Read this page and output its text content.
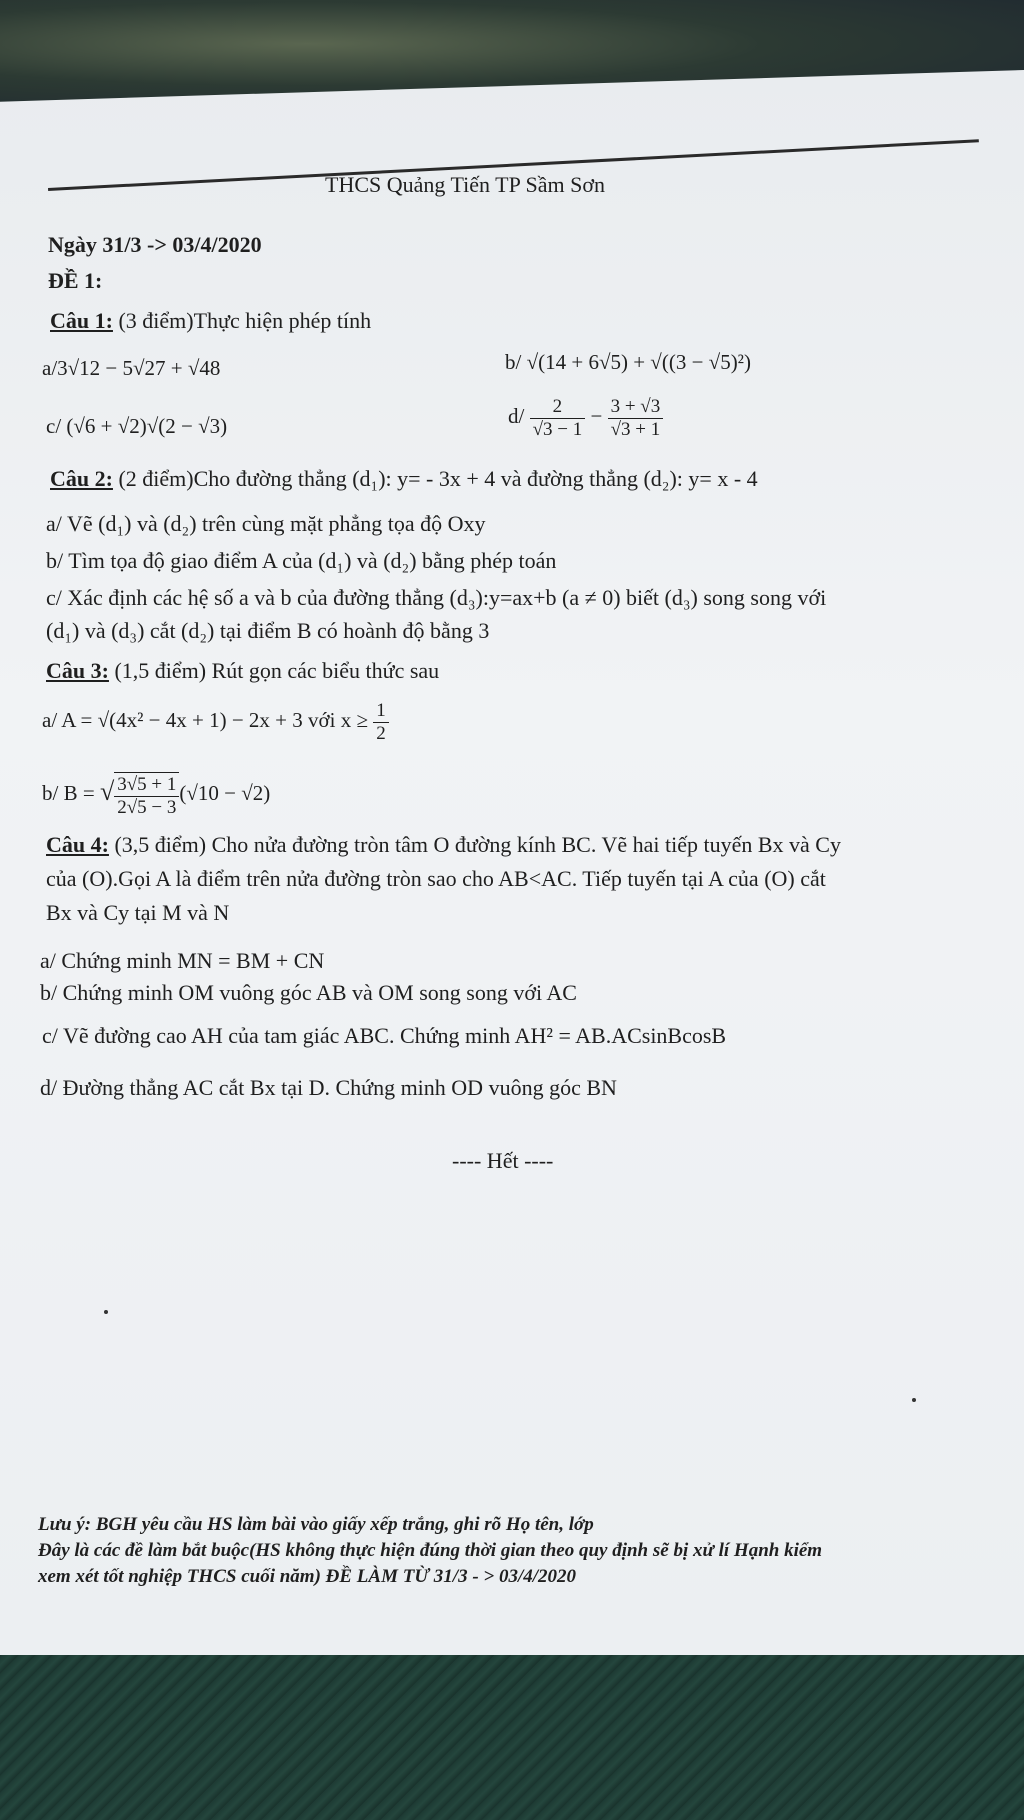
THCS Quảng Tiến TP Sầm Sơn
Ngày 31/3 -> 03/4/2020
ĐỀ 1:
Câu 1: (3 điểm)Thực hiện phép tính
a/3√12 − 5√27 + √48	b/ √(14 + 6√5) + √((3 − √5)²)
c/ (√6 + √2)√(2 − √3)	$d/ \frac{2}{√3 - 1} - \frac{3 + √3}{√3 + 1}$
Câu 2: (2 điểm)Cho đường thẳng (d₁): y= - 3x + 4 và đường thẳng (d₂): y= x - 4
a/ Vẽ (d₁) và (d₂) trên cùng mặt phẳng tọa độ Oxy
b/ Tìm tọa độ giao điểm A của (d₁) và (d₂) bằng phép toán
c/ Xác định các hệ số a và b của đường thẳng (d₃):y=ax+b (a ≠ 0) biết (d₃) song song với
(d₁) và (d₃) cắt (d₂) tại điểm B có hoành độ bằng 3
Câu 3: (1,5 điểm) Rút gọn các biểu thức sau
a/ A = √(4x² − 4x + 1) − 2x + 3 với $x \ge \frac{1}{2}$
b/ B = √ $\frac{3√5 + 1}{2√5 - 3} (√10 - √2)$
Câu 4: (3,5 điểm) Cho nửa đường tròn tâm O đường kính BC. Vẽ hai tiếp tuyến Bx và Cy
của (O).Gọi A là điểm trên nửa đường tròn sao cho AB<AC. Tiếp tuyến tại A của (O) cắt
Bx và Cy tại M và N
a/ Chứng minh MN = BM + CN
b/ Chứng minh OM vuông góc AB và OM song song với AC
c/ Vẽ đường cao AH của tam giác ABC. Chứng minh AH² = AB.ACsinBcosB
d/ Đường thẳng AC cắt Bx tại D. Chứng minh OD vuông góc BN
---- Hết ----
Lưu ý: BGH yêu cầu HS làm bài vào giấy xếp trắng, ghi rõ Họ tên, lớp
Đây là các đề làm bắt buộc(HS không thực hiện đúng thời gian theo quy định sẽ bị xử lí Hạnh kiểm
xem xét tốt nghiệp THCS cuối năm) ĐỀ LÀM TỪ 31/3 - > 03/4/2020
